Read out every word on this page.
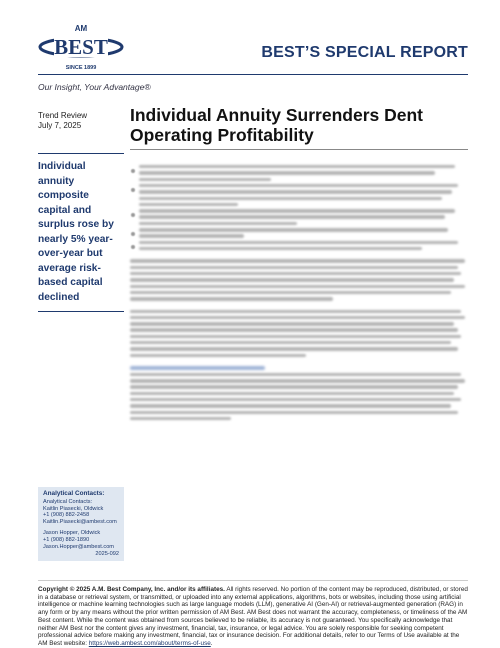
AM
BEST
SINCE 1899
BEST’S SPECIAL REPORT
Our Insight, Your Advantage®
Trend Review
July 7, 2025
Individual Annuity Surrenders Dent Operating Profitability
Individual annuity composite capital and surplus rose by nearly 5% year-over-year but average risk-based capital declined

Analytical Contacts:
Analytical Contacts:
Kaitlin Piasecki, Oldwick
+1 (908) 882-2458
Kaitlin.Piasecki@ambest.com
Jason Hopper, Oldwick
+1 (908) 882-1890
Jason.Hopper@ambest.com
2025-092
Copyright © 2025 A.M. Best Company, Inc. and/or its affiliates. All rights reserved. No portion of the content may be reproduced, distributed, or stored in a database or retrieval system, or transmitted, or uploaded into any external applications, algorithms, bots or websites, including those using artificial intelligence or machine learning technologies such as large language models (LLM), generative AI (Gen-AI) or retrieval-augmented generation (RAG) in any form or by any means without the prior written permission of AM Best. AM Best does not warrant the accuracy, completeness, or timeliness of the AM Best content. While the content was obtained from sources believed to be reliable, its accuracy is not guaranteed. You specifically acknowledge that neither AM Best nor the content gives any investment, financial, tax, insurance, or legal advice. You are solely responsible for seeking competent professional advice before making any investment, financial, tax or insurance decision. For additional details, refer to our Terms of Use available at the AM Best website: https://web.ambest.com/about/terms-of-use.
